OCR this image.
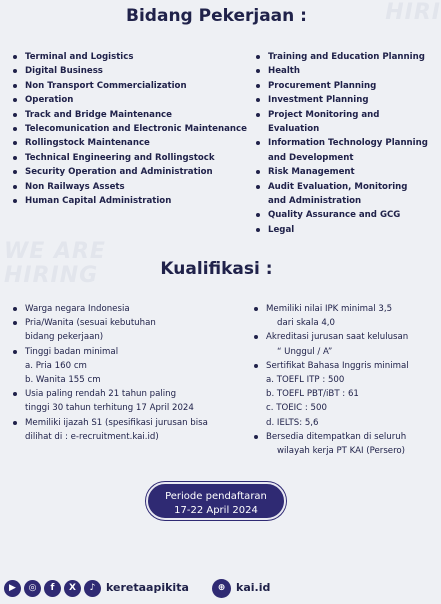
HIRI
WE ARE
HIRING
Bidang Pekerjaan :
Terminal and Logistics
Digital Business
Non Transport Commercialization
Operation
Track and Bridge Maintenance
Telecomunication and Electronic Maintenance
Rollingstock Maintenance
Technical Engineering and Rollingstock
Security Operation and Administration
Non Railways Assets
Human Capital Administration
Training and Education Planning
Health
Procurement Planning
Investment Planning
Project Monitoring and Evaluation
Information Technology Planning
and Development
Risk Management
Audit Evaluation, Monitoring
and Administration
Quality Assurance and GCG
Legal
Kualifikasi :
Warga negara Indonesia
Pria/Wanita (sesuai kebutuhan
bidang pekerjaan)
Tinggi badan minimal
a. Pria 160 cm
b. Wanita 155 cm
Usia paling rendah 21 tahun paling
tinggi 30 tahun terhitung 17 April 2024
Memiliki ijazah S1 (spesifikasi jurusan bisa
dilihat di : e-recruitment.kai.id)
Memiliki nilai IPK minimal 3,5
dari skala 4,0
Akreditasi jurusan saat kelulusan
“ Unggul / A”
Sertifikat Bahasa Inggris minimal
a. TOEFL ITP : 500
b. TOEFL PBT/iBT : 61
c. TOEIC : 500
d. IELTS: 5,6
Bersedia ditempatkan di seluruh
wilayah kerja PT KAI (Persero)
Periode pendaftaran
17-22 April 2024
▶	◎	f	X	♪ keretaapikita	⊕ kai.id
